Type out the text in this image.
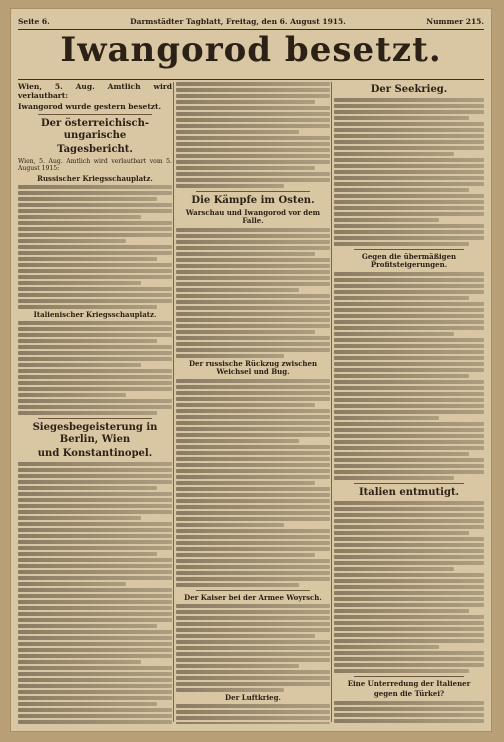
Seite 6.	Darmstädter Tagblatt, Freitag, den 6. August 1915.	Nummer 215.
Iwangorod besetzt.

Wien, 5. Aug. Amtlich wird verlautbart:

Iwangorod wurde gestern besetzt.

Der österreichisch-ungarische
Tagesbericht.

Wien, 5. Aug. Amtlich wird verlautbart vom 5. August 1915:

Russischer Kriegsschauplatz.
Italienischer Kriegsschauplatz.
Siegesbegeisterung in Berlin, Wien
und Konstantinopel.
Die Kämpfe im Osten.
Warschau und Iwangorod vor dem Falle.
Der russische Rückzug zwischen Weichsel und Bug.
Der Kaiser bei der Armee Woyrsch.
Der Luftkrieg.
Der Seekrieg.
Gegen die übermäßigen Profitsteigerungen.
Italien entmutigt.
Eine Unterredung der Italiener
gegen die Türkei?
